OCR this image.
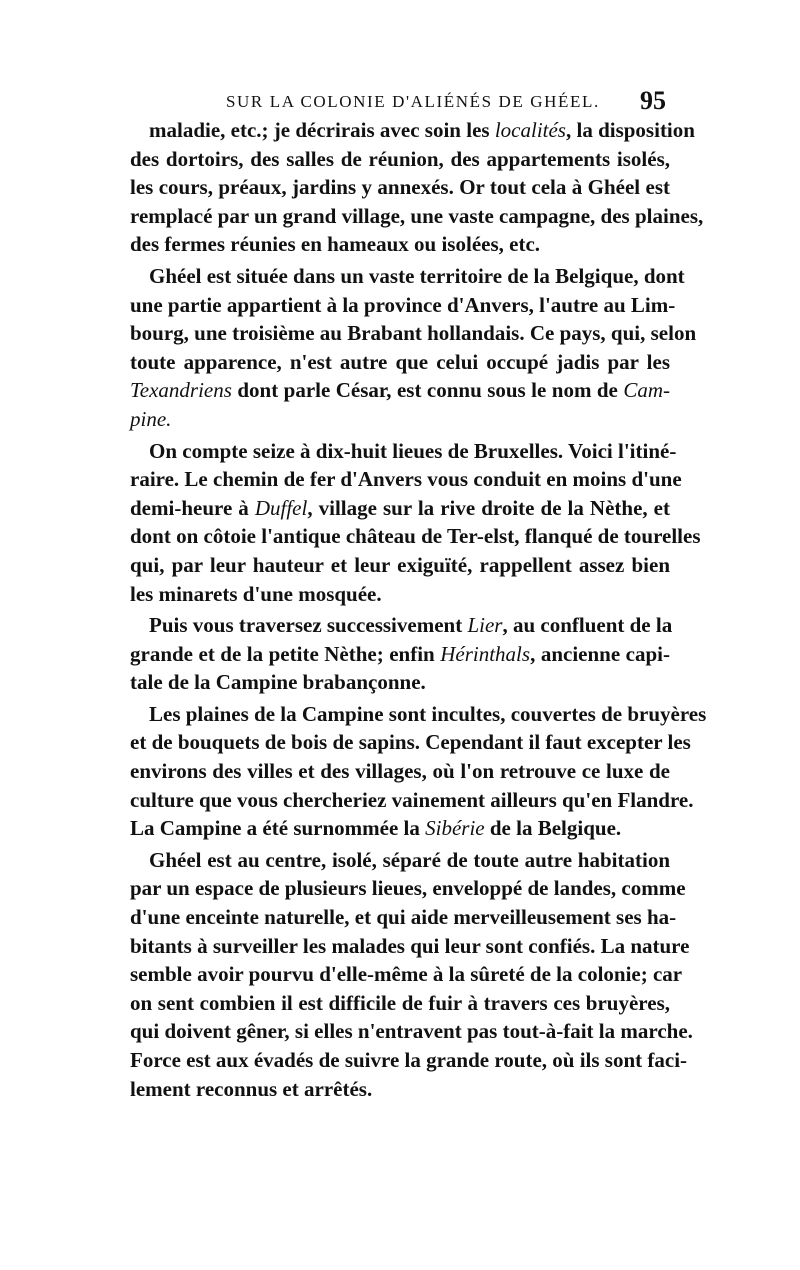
SUR LA COLONIE D'ALIÉNÉS DE GHÉEL. 95
maladie, etc.; je décrirais avec soin les localités, la disposition
des dortoirs, des salles de réunion, des appartements isolés,
les cours, préaux, jardins y annexés. Or tout cela à Ghéel est
remplacé par un grand village, une vaste campagne, des plaines,
des fermes réunies en hameaux ou isolées, etc.
Ghéel est située dans un vaste territoire de la Belgique, dont
une partie appartient à la province d'Anvers, l'autre au Lim-
bourg, une troisième au Brabant hollandais. Ce pays, qui, selon
toute apparence, n'est autre que celui occupé jadis par les
Texandriens dont parle César, est connu sous le nom de Cam-
pine.
On compte seize à dix-huit lieues de Bruxelles. Voici l'itiné-
raire. Le chemin de fer d'Anvers vous conduit en moins d'une
demi-heure à Duffel, village sur la rive droite de la Nèthe, et
dont on côtoie l'antique château de Ter-elst, flanqué de tourelles
qui, par leur hauteur et leur exiguïté, rappellent assez bien
les minarets d'une mosquée.
Puis vous traversez successivement Lier, au confluent de la
grande et de la petite Nèthe; enfin Hérinthals, ancienne capi-
tale de la Campine brabançonne.
Les plaines de la Campine sont incultes, couvertes de bruyères
et de bouquets de bois de sapins. Cependant il faut excepter les
environs des villes et des villages, où l'on retrouve ce luxe de
culture que vous chercheriez vainement ailleurs qu'en Flandre.
La Campine a été surnommée la Sibérie de la Belgique.
Ghéel est au centre, isolé, séparé de toute autre habitation
par un espace de plusieurs lieues, enveloppé de landes, comme
d'une enceinte naturelle, et qui aide merveilleusement ses ha-
bitants à surveiller les malades qui leur sont confiés. La nature
semble avoir pourvu d'elle-même à la sûreté de la colonie; car
on sent combien il est difficile de fuir à travers ces bruyères,
qui doivent gêner, si elles n'entravent pas tout-à-fait la marche.
Force est aux évadés de suivre la grande route, où ils sont faci-
lement reconnus et arrêtés.
